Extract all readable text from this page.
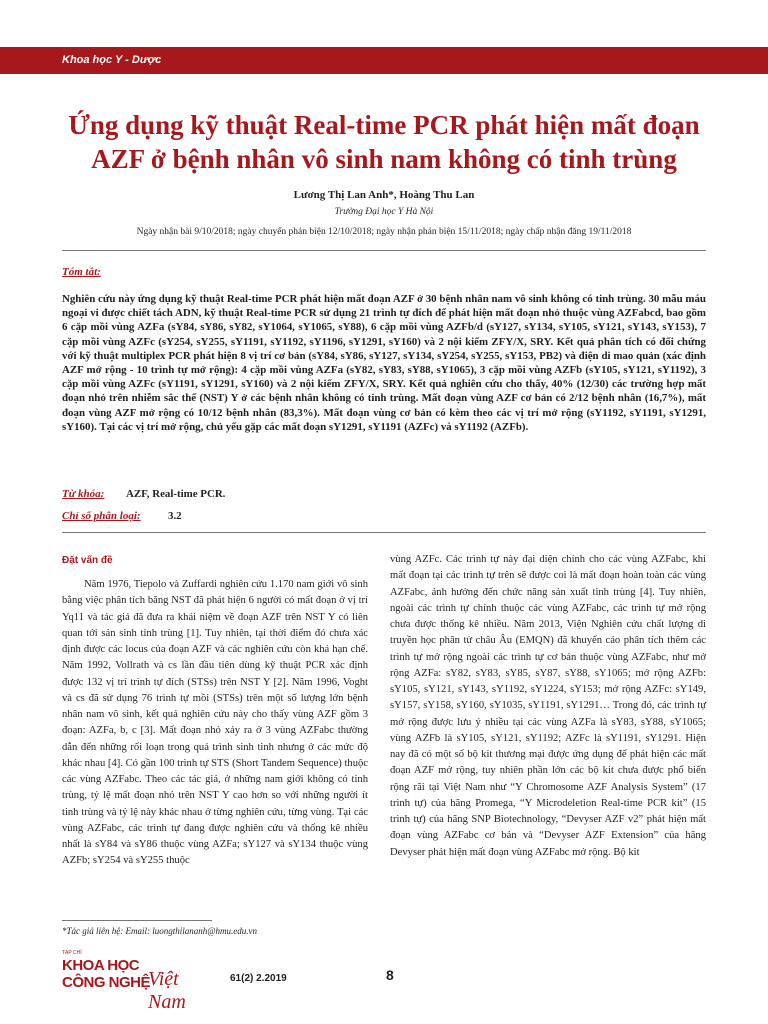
Khoa học Y - Dược
Ứng dụng kỹ thuật Real-time PCR phát hiện mất đoạn AZF ở bệnh nhân vô sinh nam không có tinh trùng
Lương Thị Lan Anh*, Hoàng Thu Lan
Trường Đại học Y Hà Nội
Ngày nhận bài 9/10/2018; ngày chuyển phản biện 12/10/2018; ngày nhận phản biện 15/11/2018; ngày chấp nhận đăng 19/11/2018
Tóm tắt:

Nghiên cứu này ứng dụng kỹ thuật Real-time PCR phát hiện mất đoạn AZF ở 30 bệnh nhân nam vô sinh không có tinh trùng. 30 mẫu máu ngoại vi được chiết tách ADN, kỹ thuật Real-time PCR sử dụng 21 trình tự đích để phát hiện mất đoạn nhỏ thuộc vùng AZFabcd, bao gồm 6 cặp mồi vùng AZFa (sY84, sY86, sY82, sY1064, sY1065, sY88), 6 cặp mồi vùng AZFb/d (sY127, sY134, sY105, sY121, sY143, sY153), 7 cặp mồi vùng AZFc (sY254, sY255, sY1191, sY1192, sY1196, sY1291, sY160) và 2 nội kiểm ZFY/X, SRY. Kết quả phân tích có đối chứng với kỹ thuật multiplex PCR phát hiện 8 vị trí cơ bản (sY84, sY86, sY127, sY134, sY254, sY255, sY153, PB2) và điện di mao quản (xác định AZF mở rộng - 10 trình tự mở rộng): 4 cặp mồi vùng AZFa (sY82, sY83, sY88, sY1065), 3 cặp mồi vùng AZFb (sY105, sY121, sY1192), 3 cặp mồi vùng AZFc (sY1191, sY1291, sY160) và 2 nội kiểm ZFY/X, SRY. Kết quả nghiên cứu cho thấy, 40% (12/30) các trường hợp mất đoạn nhỏ trên nhiễm sắc thể (NST) Y ở các bệnh nhân không có tinh trùng. Mất đoạn vùng AZF cơ bản có 2/12 bệnh nhân (16,7%), mất đoạn vùng AZF mở rộng có 10/12 bệnh nhân (83,3%). Mất đoạn vùng cơ bản có kèm theo các vị trí mở rộng (sY1192, sY1191, sY1291, sY160). Tại các vị trí mở rộng, chủ yếu gặp các mất đoạn sY1291, sY1191 (AZFc) và sY1192 (AZFb).

Từ khóa: AZF, Real-time PCR.
Chỉ số phân loại:	3.2
Đặt vấn đề

Năm 1976, Tiepolo và Zuffardi nghiên cứu 1.170 nam giới vô sinh bằng việc phân tích băng NST đã phát hiện 6 người có mất đoạn ở vị trí Yq11 và tác giả đã đưa ra khái niệm về đoạn AZF trên NST Y có liên quan tới sản sinh tinh trùng [1]. Tuy nhiên, tại thời điểm đó chưa xác định được các locus của đoạn AZF và các nghiên cứu còn khá hạn chế. Năm 1992, Vollrath và cs lần đầu tiên dùng kỹ thuật PCR xác định được 132 vị trí trình tự đích (STSs) trên NST Y [2]. Năm 1996, Voght và cs đã sử dụng 76 trình tự mồi (STSs) trên một số lượng lớn bệnh nhân nam vô sinh, kết quả nghiên cứu này cho thấy vùng AZF gồm 3 đoạn: AZFa, b, c [3]. Mất đoạn nhỏ xảy ra ở 3 vùng AZFabc thường dẫn đến những rối loạn trong quá trình sinh tinh nhưng ở các mức độ khác nhau [4]. Có gần 100 trình tự STS (Short Tandem Sequence) thuộc các vùng AZFabc. Theo các tác giả, ở những nam giới không có tinh trùng, tỷ lệ mất đoạn nhỏ trên NST Y cao hơn so với những người ít tinh trùng và tỷ lệ này khác nhau ở từng nghiên cứu, từng vùng. Tại các vùng AZFabc, các trình tự đang được nghiên cứu và thống kê nhiều nhất là sY84 và sY86 thuộc vùng AZFa; sY127 và sY134 thuộc vùng AZFb; sY254 và sY255 thuộc

vùng AZFc. Các trình tự này đại diện chính cho các vùng AZFabc, khi mất đoạn tại các trình tự trên sẽ được coi là mất đoạn hoàn toàn các vùng AZFabc, ảnh hưởng đến chức năng sản xuất tinh trùng [4]. Tuy nhiên, ngoài các trình tự chính thuộc các vùng AZFabc, các trình tự mở rộng chưa được thống kê nhiều. Năm 2013, Viện Nghiên cứu chất lượng di truyền học phân tử châu Âu (EMQN) đã khuyến cáo phân tích thêm các trình tự mở rộng ngoài các trình tự cơ bản thuộc vùng AZFabc, như mở rộng AZFa: sY82, sY83, sY85, sY87, sY88, sY1065; mở rộng AZFb: sY105, sY121, sY143, sY1192, sY1224, sY153; mở rộng AZFc: sY149, sY157, sY158, sY160, sY1035, sY1191, sY1291… Trong đó, các trình tự mở rộng được lưu ý nhiều tại các vùng AZFa là sY83, sY88, sY1065; vùng AZFb là sY105, sY121, sY1192; AZFc là sY1191, sY1291. Hiện nay đã có một số bộ kit thương mại được ứng dụng để phát hiện các mất đoạn AZF mở rộng, tuy nhiên phần lớn các bộ kit chưa được phổ biến rộng rãi tại Việt Nam như “Y Chromosome AZF Analysis System” (17 trình tự) của hãng Promega, “Y Microdeletion Real-time PCR kit” (15 trình tự) của hãng SNP Biotechnology, “Devyser AZF v2” phát hiện mất đoạn vùng AZFabc cơ bản và “Devyser AZF Extension” của hãng Devyser phát hiện mất đoạn vùng AZFabc mở rộng. Bộ kit

*Tác giả liên hệ: Email: luongthilananh@hmu.edu.vn
TẠP CHÍ
KHOA HỌC
CÔNG NGHỆ
Việt Nam
61(2) 2.2019	8
